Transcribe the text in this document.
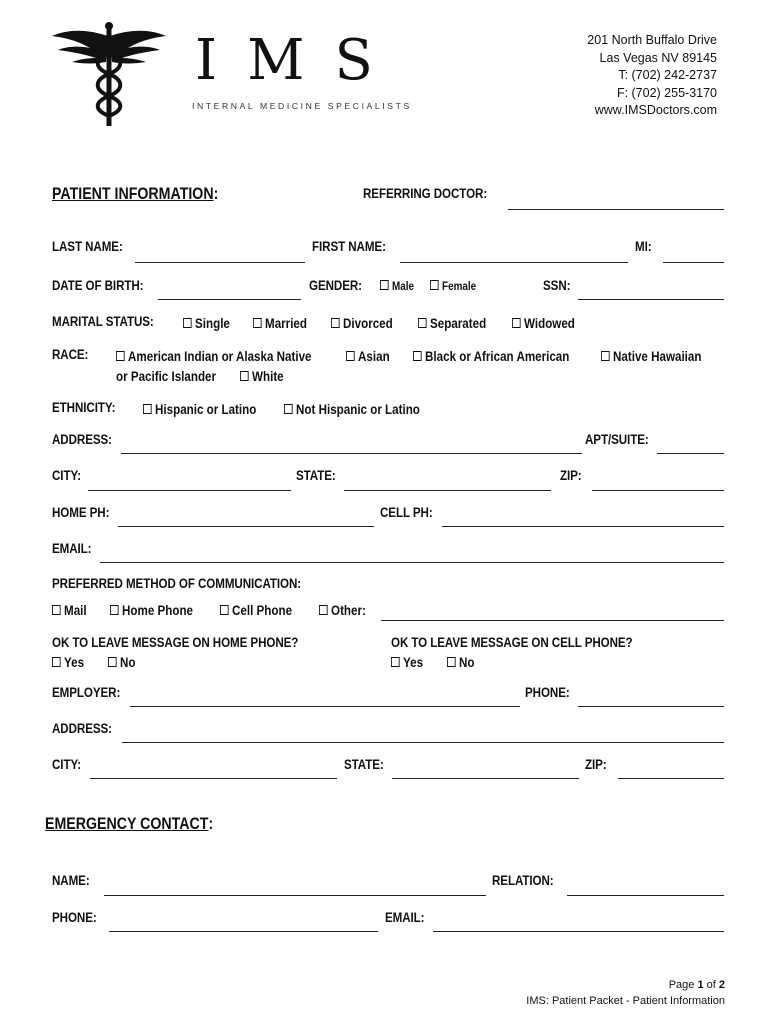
IMS
INTERNAL MEDICINE SPECIALISTS
201 North Buffalo Drive
Las Vegas NV 89145
T: (702) 242-2737
F: (702) 255-3170
www.IMSDoctors.com
PATIENT INFORMATION:	REFERRING DOCTOR:
LAST NAME:	FIRST NAME:	MI:
DATE OF BIRTH:	GENDER:	Male	Female	SSN:
MARITAL STATUS:	Single	Married	Divorced	Separated	Widowed
RACE:	American Indian or Alaska Native	Asian	Black or African American	Native Hawaiian
or Pacific Islander	White
ETHNICITY:	Hispanic or Latino	Not Hispanic or Latino
ADDRESS:	APT/SUITE:
CITY:	STATE:	ZIP:
HOME PH:	CELL PH:
EMAIL:
PREFERRED METHOD OF COMMUNICATION:
Mail	Home Phone	Cell Phone	Other:
OK TO LEAVE MESSAGE ON HOME PHONE?
Yes	No
OK TO LEAVE MESSAGE ON CELL PHONE?
Yes	No
EMPLOYER:	PHONE:
ADDRESS:
CITY:	STATE:	ZIP:
EMERGENCY CONTACT:
NAME:	RELATION:
PHONE:	EMAIL:
Page 1 of 2
IMS: Patient Packet - Patient Information
